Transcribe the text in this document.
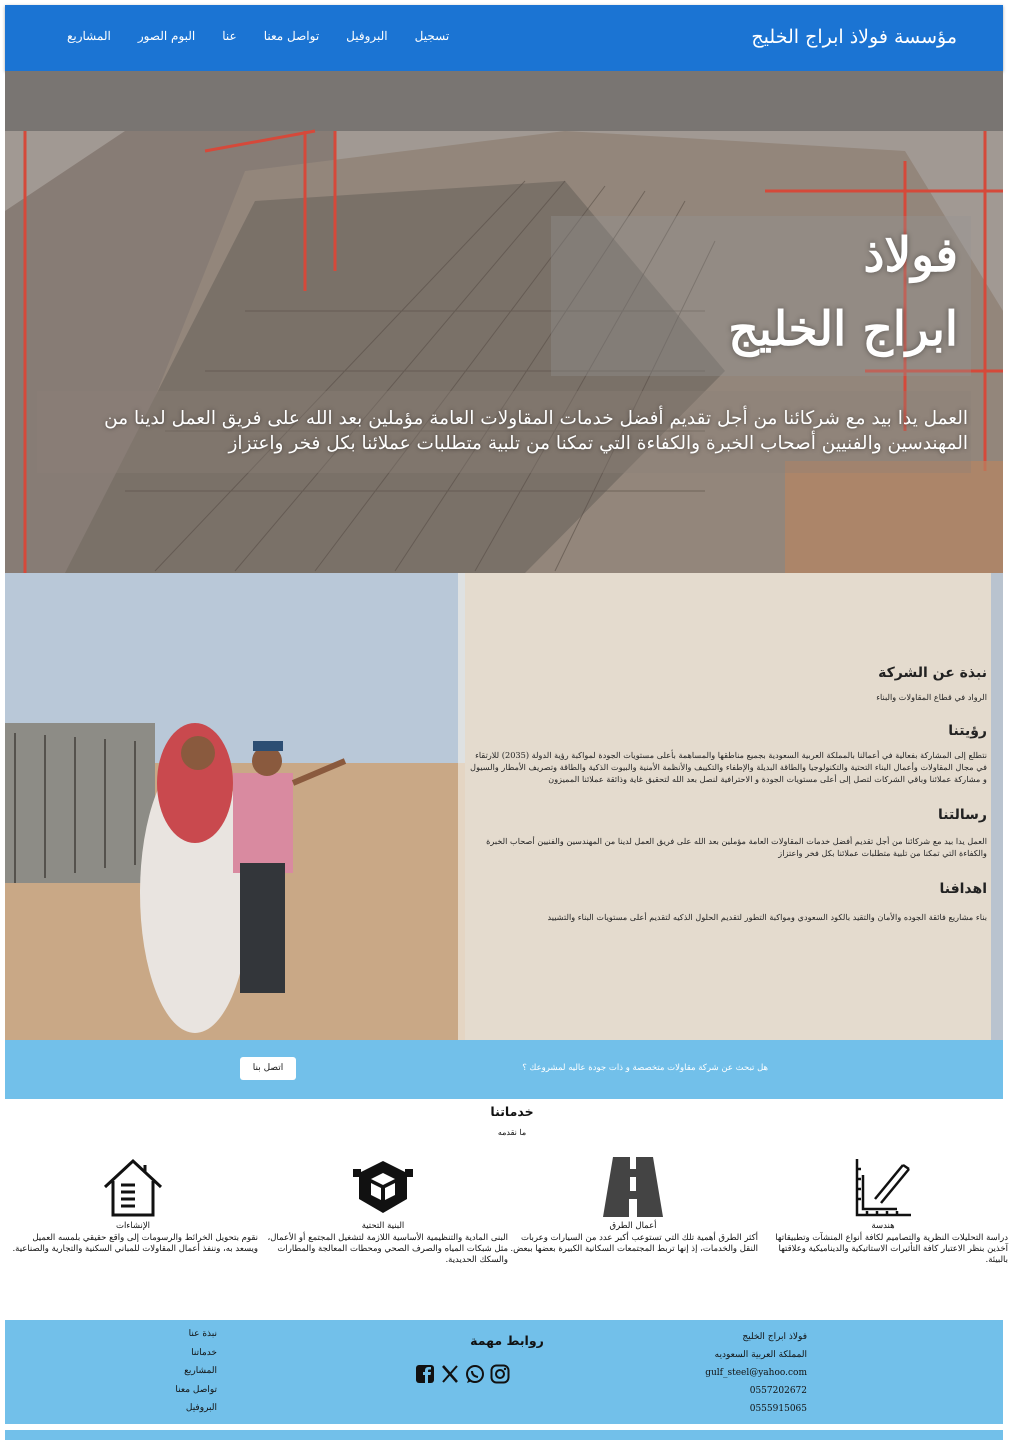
مؤسسة فولاذ ابراج الخليج
المشاريع البوم الصور عنا تواصل معنا البروفيل تسجيل
فولاذ
ابراج الخليج
العمل يدا بيد مع شركائنا من أجل تقديم أفضل خدمات المقاولات العامة مؤملين بعد الله على فريق العمل لدينا من المهندسين والفنيين أصحاب الخبرة والكفاءة التي تمكنا من تلبية متطلبات عملائنا بكل فخر واعتزاز

نبذة عن الشركة

الرواد في قطاع المقاولات والبناء

رؤيتنا

نتطلع إلى المشاركة بفعالية في أعمالنا بالمملكة العربية السعودية بجميع مناطقها والمساهمة بأعلى مستويات الجودة لمواكبة رؤية الدولة (2035) للارتقاء في مجال المقاولات وأعمال البناء التحتية والتكنولوجيا والطاقة البديلة والإطفاء والتكييف والأنظمة الأمنية والبيوت الذكية والطاقة وتصريف الأمطار والسيول و مشاركة عملائنا وباقي الشركات لتصل إلى أعلى مستويات الجودة و الاحترافية لنصل بعد الله لتحقيق غاية وذائقة عملائنا المميزون

رسالتنا

العمل يدا بيد مع شركائنا من أجل تقديم أفضل خدمات المقاولات العامة مؤملين بعد الله على فريق العمل لدينا من المهندسين والفنيين أصحاب الخبرة والكفاءة التي تمكنا من تلبية متطلبات عملائنا بكل فخر واعتزاز

اهدافنا

بناء مشاريع فائقة الجوده والأمان والتقيد بالكود السعودي ومواكبة التطور لتقديم الحلول الذكيه لتقديم أعلى مستويات البناء والتشييد

هل تبحث عن شركة مقاولات متخصصة و ذات جودة عاليه لمشروعك ؟
اتصل بنا
خدماتنا
ما نقدمه
هندسة

دراسة التحليلات النظرية والتصاميم لكافة أنواع المنشآت وتطبيقاتها آخذين بنظر الاعتبار كافة التأثيرات الاستاتيكية والديناميكية وعلاقتها بالبيئة.

أعمال الطرق

أكثر الطرق أهمية تلك التي تستوعب أكبر عدد من السيارات وعربات النقل والخدمات، إذ إنها تربط المجتمعات السكانية الكبيرة بعضها ببعض.

البنية التحتية

البنى المادية والتنظيمية الأساسية اللازمة لتشغيل المجتمع أو الأعمال، مثل شبكات المياه والصرف الصحي ومحطات المعالجة والمطارات والسكك الحديدية.

الإنشاءات

نقوم بتحويل الخرائط والرسومات إلى واقع حقيقي بلمسه العميل ويسعد به، وننفذ أعمال المقاولات للمباني السكنية والتجارية والصناعية.

فولاذ ابراج الخليج
المملكة العربية السعوديه
gulf_steel@yahoo.com
0557202672
0555915065
روابط مهمة
نبذة عنا
خدماتنا
المشاريع
تواصل معنا
البروفيل
